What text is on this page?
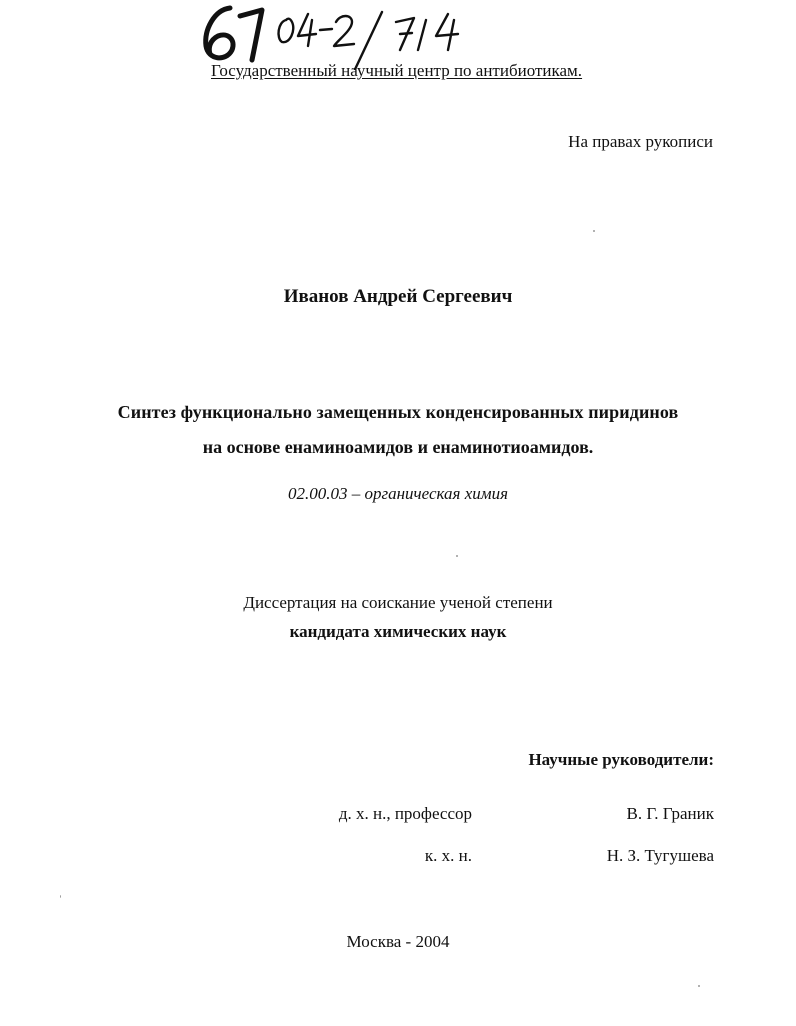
Государственный научный центр по антибиотикам.
На правах рукописи
Иванов Андрей Сергеевич
Синтез функционально замещенных конденсированных пиридинов
на основе енаминоамидов и енаминотиоамидов.
02.00.03 – органическая химия
Диссертация на соискание ученой степени
кандидата химических наук
Научные руководители:
д. х. н., профессор	В. Г. Граник
к. х. н.	Н. З. Тугушева
Москва - 2004
